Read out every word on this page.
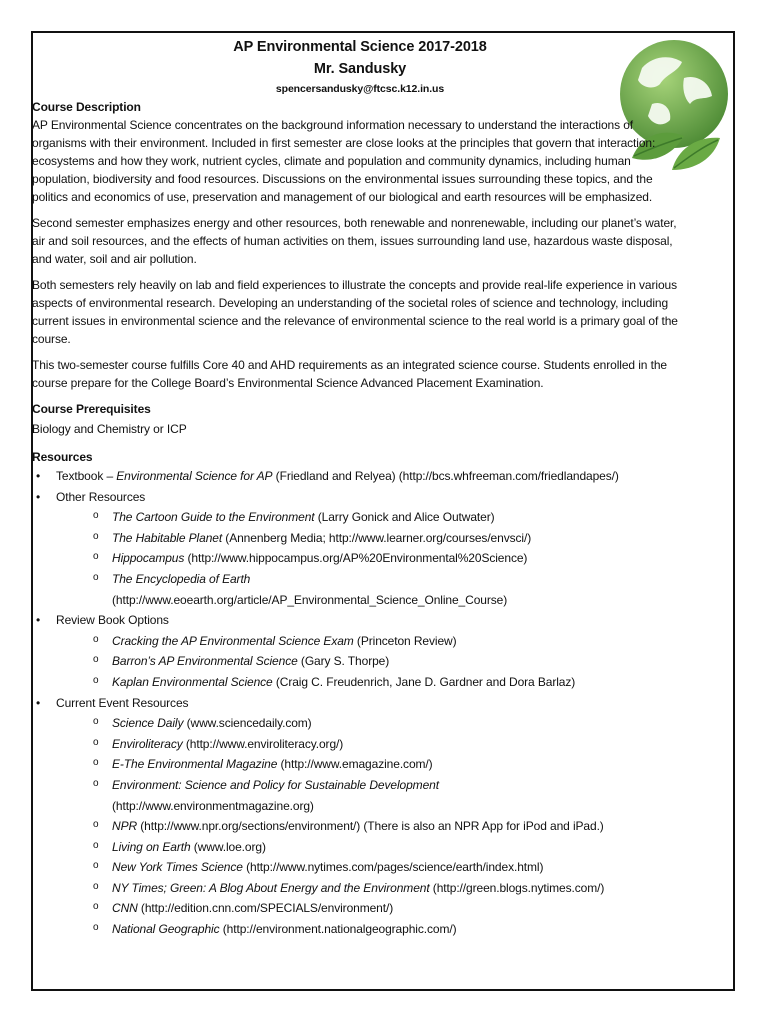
AP Environmental Science 2017-2018
Mr. Sandusky
spencersandusky@ftcsc.k12.in.us
Course Description

AP Environmental Science concentrates on the background information necessary to understand the interactions of organisms with their environment. Included in first semester are close looks at the principles that govern that interaction: ecosystems and how they work, nutrient cycles, climate and population and community dynamics, including human population, biodiversity and food resources. Discussions on the environmental issues surrounding these topics, and the politics and economics of use, preservation and management of our biological and earth resources will be emphasized.

Second semester emphasizes energy and other resources, both renewable and nonrenewable, including our planet’s water, air and soil resources, and the effects of human activities on them, issues surrounding land use, hazardous waste disposal, and water, soil and air pollution.

Both semesters rely heavily on lab and field experiences to illustrate the concepts and provide real-life experience in various aspects of environmental research. Developing an understanding of the societal roles of science and technology, including current issues in environmental science and the relevance of environmental science to the real world is a primary goal of the course.

This two-semester course fulfills Core 40 and AHD requirements as an integrated science course. Students enrolled in the course prepare for the College Board’s Environmental Science Advanced Placement Examination.

Course Prerequisites

Biology and Chemistry or ICP

Resources
• Textbook – Environmental Science for AP (Friedland and Relyea) (http://bcs.whfreeman.com/friedlandapes/)
• Other Resources
o The Cartoon Guide to the Environment (Larry Gonick and Alice Outwater)
o The Habitable Planet (Annenberg Media; http://www.learner.org/courses/envsci/)
o Hippocampus (http://www.hippocampus.org/AP%20Environmental%20Science)
o The Encyclopedia of Earth
(http://www.eoearth.org/article/AP_Environmental_Science_Online_Course)
• Review Book Options
o Cracking the AP Environmental Science Exam (Princeton Review)
o Barron’s AP Environmental Science (Gary S. Thorpe)
o Kaplan Environmental Science (Craig C. Freudenrich, Jane D. Gardner and Dora Barlaz)
• Current Event Resources
o Science Daily (www.sciencedaily.com)
o Enviroliteracy (http://www.enviroliteracy.org/)
o E-The Environmental Magazine (http://www.emagazine.com/)
o Environment: Science and Policy for Sustainable Development
(http://www.environmentmagazine.org)
o NPR (http://www.npr.org/sections/environment/) (There is also an NPR App for iPod and iPad.)
o Living on Earth (www.loe.org)
o New York Times Science (http://www.nytimes.com/pages/science/earth/index.html)
o NY Times; Green: A Blog About Energy and the Environment (http://green.blogs.nytimes.com/)
o CNN (http://edition.cnn.com/SPECIALS/environment/)
o National Geographic (http://environment.nationalgeographic.com/)
